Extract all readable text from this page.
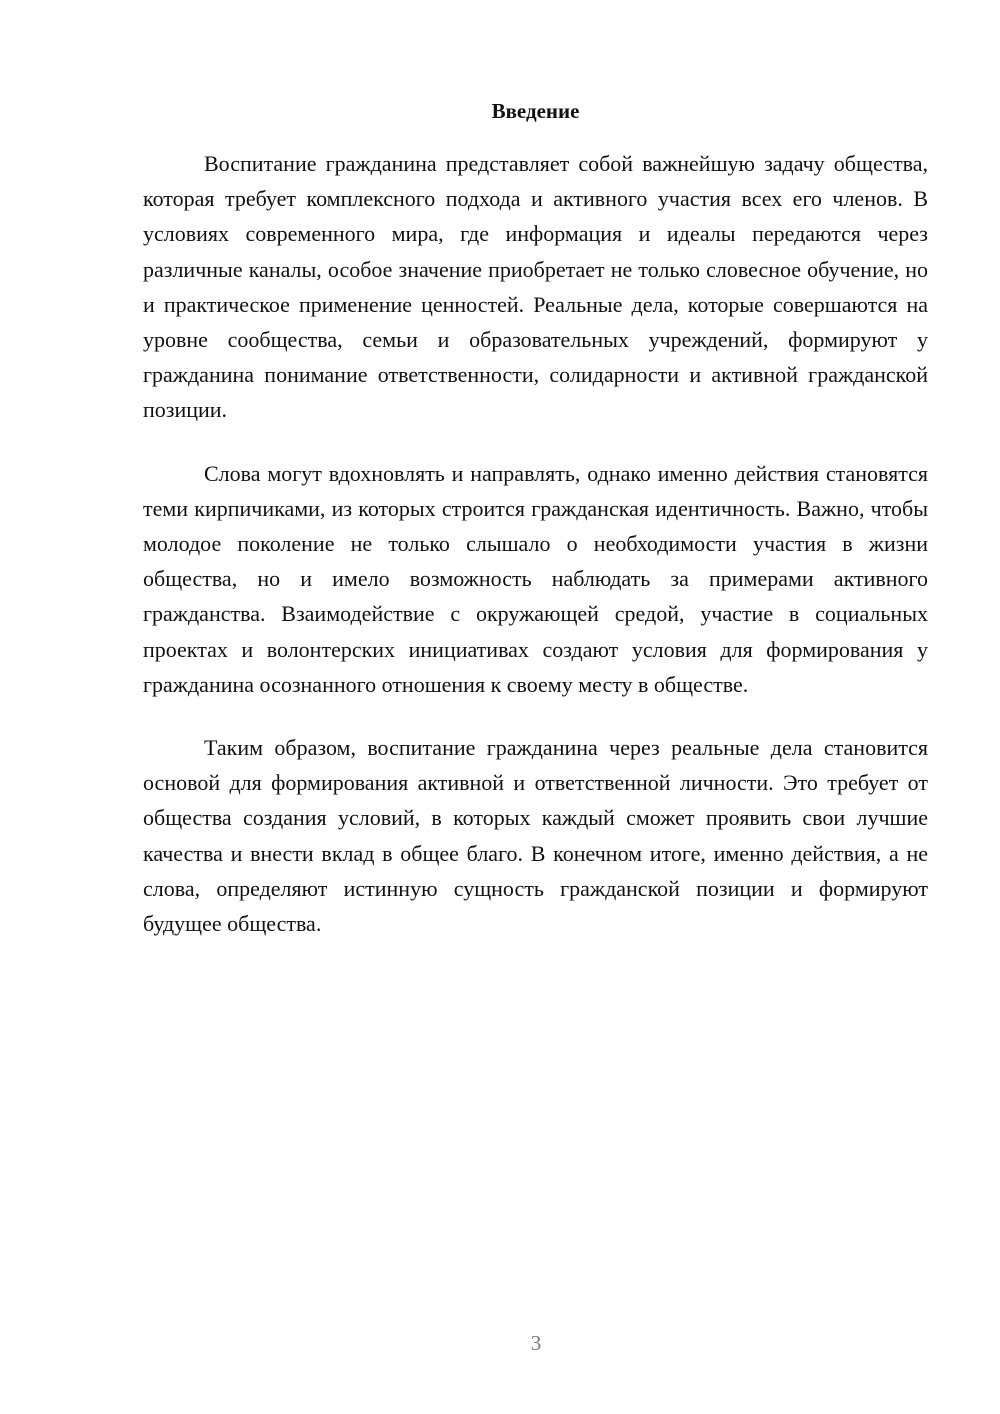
Введение

Воспитание гражданина представляет собой важнейшую задачу общества, которая требует комплексного подхода и активного участия всех его членов. В условиях современного мира, где информация и идеалы передаются через различные каналы, особое значение приобретает не только словесное обучение, но и практическое применение ценностей. Реальные дела, которые совершаются на уровне сообщества, семьи и образовательных учреждений, формируют у гражданина понимание ответственности, солидарности и активной гражданской позиции.

Слова могут вдохновлять и направлять, однако именно действия становятся теми кирпичиками, из которых строится гражданская идентичность. Важно, чтобы молодое поколение не только слышало о необходимости участия в жизни общества, но и имело возможность наблюдать за примерами активного гражданства. Взаимодействие с окружающей средой, участие в социальных проектах и волонтерских инициативах создают условия для формирования у гражданина осознанного отношения к своему месту в обществе.

Таким образом, воспитание гражданина через реальные дела становится основой для формирования активной и ответственной личности. Это требует от общества создания условий, в которых каждый сможет проявить свои лучшие качества и внести вклад в общее благо. В конечном итоге, именно действия, а не слова, определяют истинную сущность гражданской позиции и формируют будущее общества.

3
